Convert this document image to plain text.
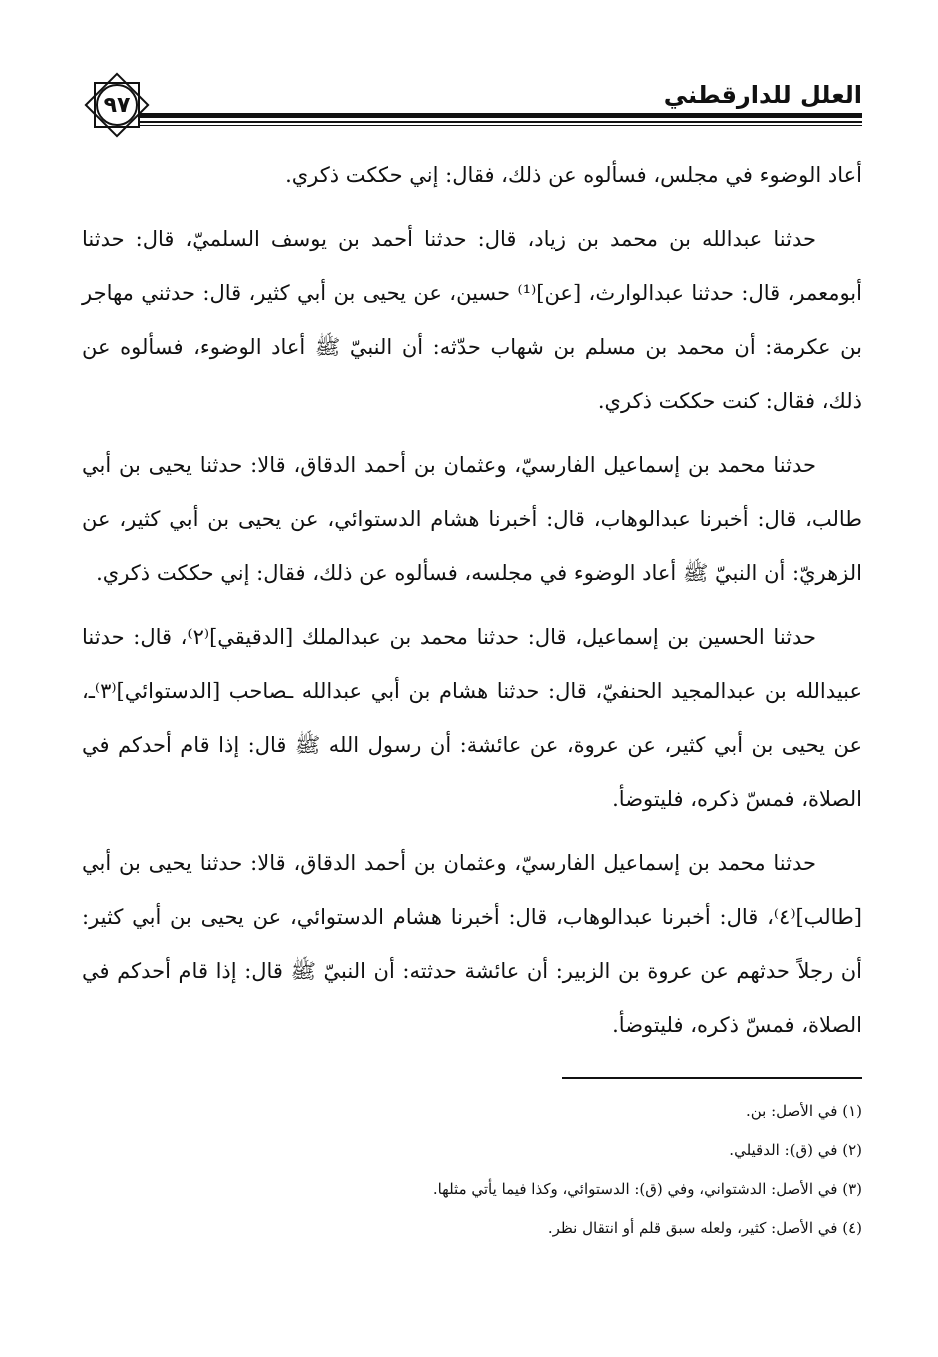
العلل للدارقطني
٩٧

أعاد الوضوء في مجلس، فسألوه عن ذلك، فقال: إني حككت ذكري.

حدثنا عبدالله بن محمد بن زياد، قال: حدثنا أحمد بن يوسف السلميّ، قال: حدثنا أبومعمر، قال: حدثنا عبدالوارث، [عن]⁽¹⁾ حسين، عن يحيى بن أبي كثير، قال: حدثني مهاجر بن عكرمة: أن محمد بن مسلم بن شهاب حدّثه: أن النبيّ ﷺ أعاد الوضوء، فسألوه عن ذلك، فقال: كنت حككت ذكري.

حدثنا محمد بن إسماعيل الفارسيّ، وعثمان بن أحمد الدقاق، قالا: حدثنا يحيى بن أبي طالب، قال: أخبرنا عبدالوهاب، قال: أخبرنا هشام الدستوائي، عن يحيى بن أبي كثير، عن الزهريّ: أن النبيّ ﷺ أعاد الوضوء في مجلسه، فسألوه عن ذلك، فقال: إني حككت ذكري.

حدثنا الحسين بن إسماعيل، قال: حدثنا محمد بن عبدالملك [الدقيقي]⁽٢⁾، قال: حدثنا عبيدالله بن عبدالمجيد الحنفيّ، قال: حدثنا هشام بن أبي عبدالله ـصاحب [الدستوائي]⁽٣⁾ـ، عن يحيى بن أبي كثير، عن عروة، عن عائشة: أن رسول الله ﷺ قال: إذا قام أحدكم في الصلاة، فمسّ ذكره، فليتوضأ.

حدثنا محمد بن إسماعيل الفارسيّ، وعثمان بن أحمد الدقاق، قالا: حدثنا يحيى بن أبي [طالب]⁽٤⁾، قال: أخبرنا عبدالوهاب، قال: أخبرنا هشام الدستوائي، عن يحيى بن أبي كثير: أن رجلاً حدثهم عن عروة بن الزبير: أن عائشة حدثته: أن النبيّ ﷺ قال: إذا قام أحدكم في الصلاة، فمسّ ذكره، فليتوضأ.

(١) في الأصل: بن.
(٢) في (ق): الدقيلي.
(٣) في الأصل: الدشتواني، وفي (ق): الدستوائي، وكذا فيما يأتي مثلها.
(٤) في الأصل: كثير، ولعله سبق قلم أو انتقال نظر.
